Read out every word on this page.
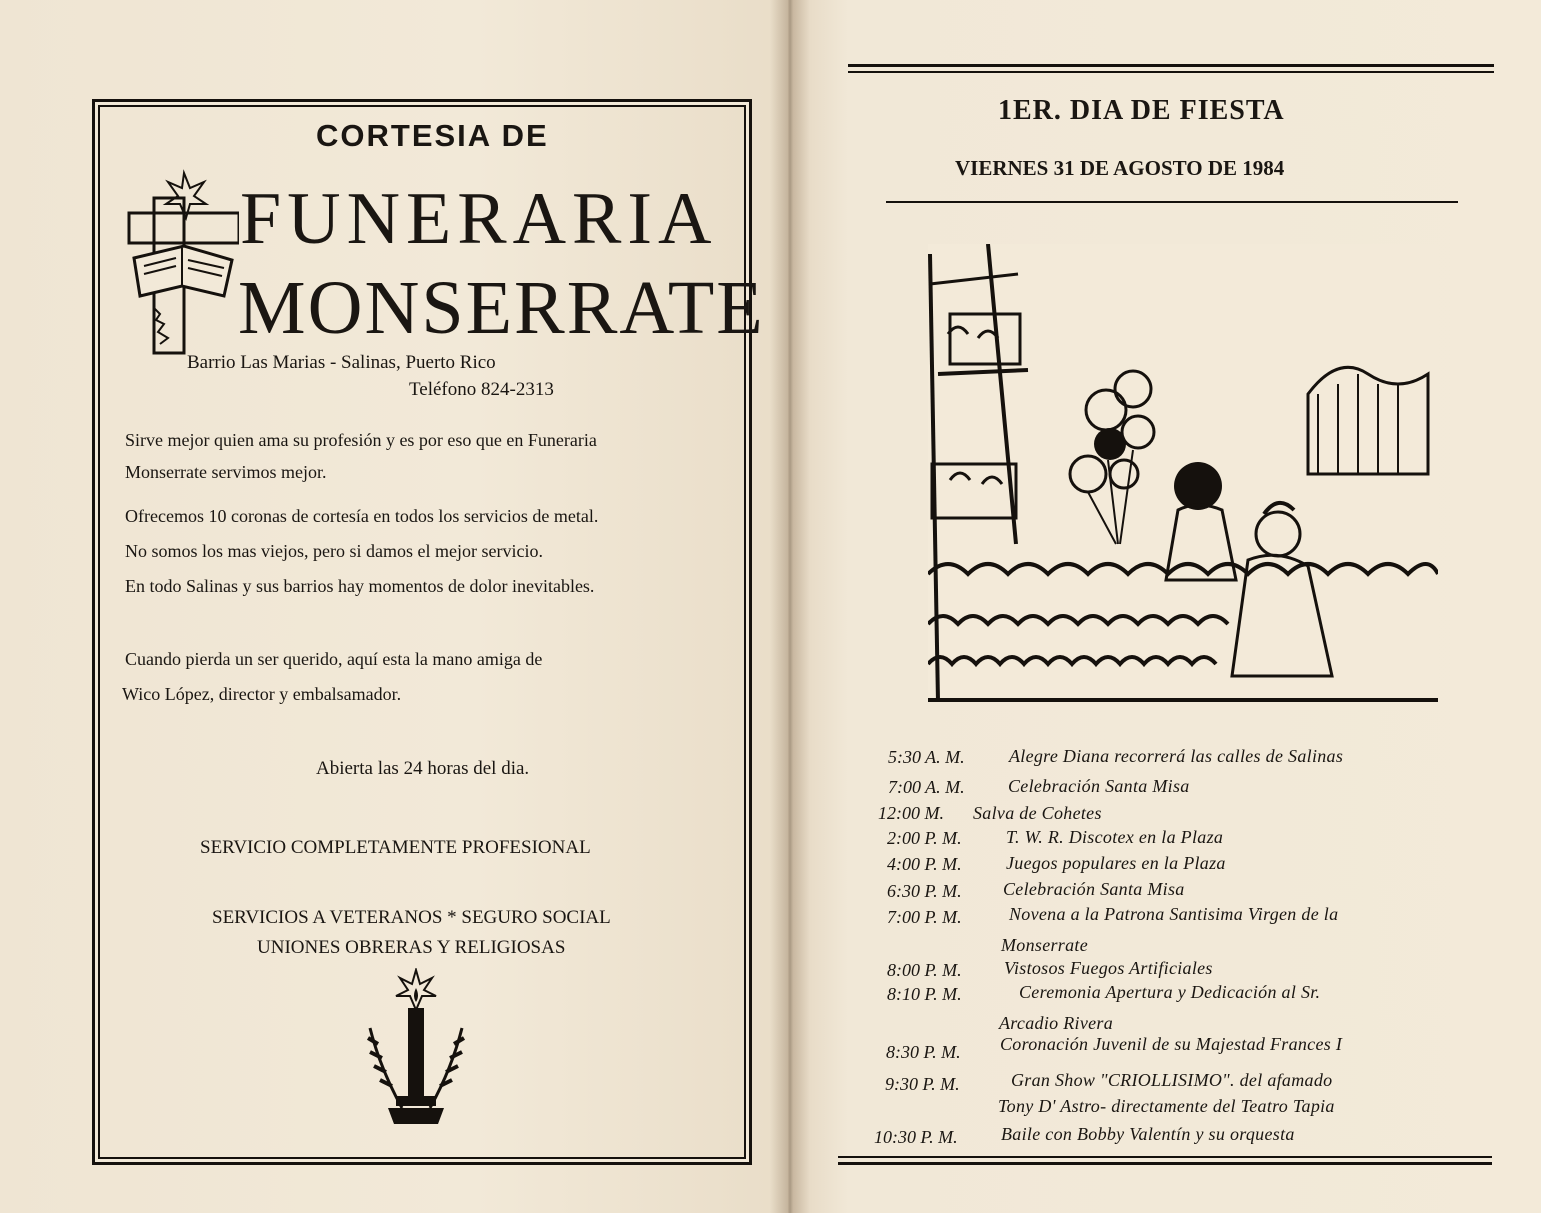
CORTESIA DE
FUNERARIA
MONSERRATE
Barrio Las Marias - Salinas, Puerto Rico
Teléfono 824-2313
Sirve mejor quien ama su profesión y es por eso que en Funeraria
Monserrate servimos mejor.
Ofrecemos 10 coronas de cortesía en todos los servicios de metal.
No somos los mas viejos, pero si damos el mejor servicio.
En todo Salinas y sus barrios hay momentos de dolor inevitables.
Cuando pierda un ser querido, aquí esta la mano amiga de
Wico López, director y embalsamador.
Abierta las 24 horas del dia.
SERVICIO COMPLETAMENTE PROFESIONAL
SERVICIOS A VETERANOS * SEGURO SOCIAL
UNIONES OBRERAS Y RELIGIOSAS
1ER. DIA DE FIESTA
VIERNES 31 DE AGOSTO DE 1984
5:30 A. M. Alegre Diana recorrerá las calles de Salinas
7:00 A. M. Celebración Santa Misa
12:00 M. Salva de Cohetes
2:00 P. M. T. W. R. Discotex en la Plaza
4:00 P. M. Juegos populares en la Plaza
6:30 P. M. Celebración Santa Misa
7:00 P. M.	Novena a la Patrona Santisima Virgen de la
Monserrate
8:00 P. M. Vistosos Fuegos Artificiales
8:10 P. M.	Ceremonia Apertura y Dedicación al Sr.
Arcadio Rivera
8:30 P. M. Coronación Juvenil de su Majestad Frances I
9:30 P. M.	Gran Show "CRIOLLISIMO". del afamado
Tony D' Astro- directamente del Teatro Tapia
10:30 P. M. Baile con Bobby Valentín y su orquesta
